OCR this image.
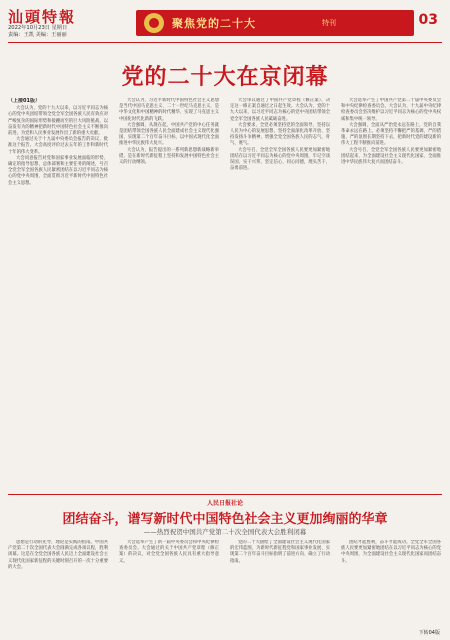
汕頭特報
2022年10月23日 星期日
责编：王凯 美编：王丽丽
聚焦党的二十大	特刊	03
党的二十大在京闭幕
（上接01版）

大会认为，党的十九大以来，以习近平同志为核心的党中央团结带领全党全军全国各族人民有效应对严峻复杂的国际形势和接踵而至的巨大风险挑战，以奋发有为的精神把新时代中国特色社会主义不断推向前进，为党和人民事业发展作出了新的重大贡献。

大会通过关于十九届中央委员会报告的决议，批准这个报告。大会高度评价过去五年的工作和新时代十年的伟大变革。

大会同意报告对党和国家事业发展面临的形势、确定的指导思想、总体部署和主要任务的阐述，号召全党全军全国各族人民紧密团结在以习近平同志为核心的党中央周围，全面贯彻习近平新时代中国特色社会主义思想。

大会认为，习近平新时代中国特色社会主义思想是当代中国马克思主义、二十一世纪马克思主义，是中华文化和中国精神的时代精华，实现了马克思主义中国化时代化新的飞跃。

大会强调，从现在起，中国共产党的中心任务就是团结带领全国各族人民全面建成社会主义现代化强国、实现第二个百年奋斗目标，以中国式现代化全面推进中华民族伟大复兴。

大会认为，报告提出的一系列新思想新战略新举措，是在新时代新征程上坚持和发展中国特色社会主义的行动纲领。

大会审议通过了中国共产党章程（修正案），决定这一修正案自通过之日起生效。大会认为，党的十九大以来，以习近平同志为核心的党中央团结带领全党全军全国各族人民砥砺奋进。

大会要求，全党必须坚持党的全面领导，坚持以人民为中心的发展思想，坚持全面深化改革开放，坚持发扬斗争精神，增强全党全国各族人民的志气、骨气、底气。

大会号召，全党全军全国各族人民要更加紧密地团结在以习近平同志为核心的党中央周围，牢记空谈误国、实干兴邦，坚定信心、同心同德，埋头苦干、奋勇前进。

大会选举产生了中国共产党第二十届中央委员会和中央纪律检查委员会。大会认为，十九届中央纪律检查委员会坚决维护以习近平同志为核心的党中央权威和集中统一领导。

大会强调，全面从严治党永远在路上，党的自我革命永远在路上。必须坚持不懈把严的基调、严的措施、严的氛围长期坚持下去，把新时代党的建设新的伟大工程不断推向前进。

大会号召，全党全军全国各族人民要更加紧密地团结起来，为全面建设社会主义现代化国家、全面推进中华民族伟大复兴而团结奋斗。

人民日报社论
团结奋斗，谱写新时代中国特色社会主义更加绚丽的华章
——热烈祝贺中国共产党第二十次全国代表大会胜利闭幕

思想是行动的先导，理论是实践的指南。中国共产党第二十次全国代表大会圆满完成各项议程，胜利闭幕。这是在全党全国各族人民迈上全面建设社会主义现代化国家新征程的关键时刻召开的一次十分重要的大会。

大会选举产生了新一届中央委员会和中央纪律检查委员会。大会通过的关于中国共产党章程（修正案）的决议，对全党全国各族人民具有重大指导意义。

党的二十大描绘了全面建设社会主义现代化国家的宏伟蓝图，为新时代新征程党和国家事业发展、实现第二个百年奋斗目标指明了前进方向、确立了行动指南。

团结才能胜利，奋斗才能成功。全党全军全国各族人民要更加紧密地团结在以习近平同志为核心的党中央周围，为全面建设社会主义现代化国家而团结奋斗。

下转04版
